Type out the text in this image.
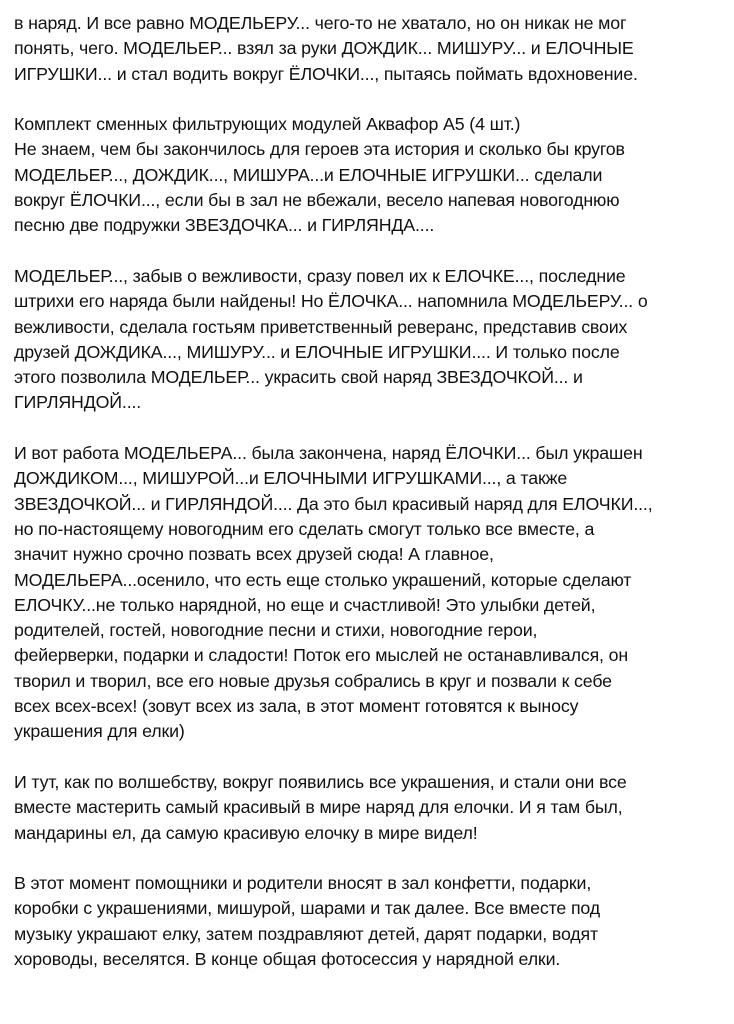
в наряд. И все равно МОДЕЛЬЕРУ... чего-то не хватало, но он никак не мог
понять, чего. МОДЕЛЬЕР... взял за руки ДОЖДИК... МИШУРУ... и ЕЛОЧНЫЕ
ИГРУШКИ... и стал водить вокруг ЁЛОЧКИ..., пытаясь поймать вдохновение.

Комплект сменных фильтрующих модулей Аквафор А5 (4 шт.)
Не знаем, чем бы закончилось для героев эта история и сколько бы кругов
МОДЕЛЬЕР..., ДОЖДИК..., МИШУРА...и ЕЛОЧНЫЕ ИГРУШКИ... сделали
вокруг ЁЛОЧКИ..., если бы в зал не вбежали, весело напевая новогоднюю
песню две подружки ЗВЕЗДОЧКА... и ГИРЛЯНДА....

МОДЕЛЬЕР..., забыв о вежливости, сразу повел их к ЕЛОЧКЕ..., последние
штрихи его наряда были найдены! Но ЁЛОЧКА... напомнила МОДЕЛЬЕРУ... о
вежливости, сделала гостьям приветственный реверанс, представив своих
друзей ДОЖДИКА..., МИШУРУ... и ЕЛОЧНЫЕ ИГРУШКИ.... И только после
этого позволила МОДЕЛЬЕР... украсить свой наряд ЗВЕЗДОЧКОЙ... и
ГИРЛЯНДОЙ....

И вот работа МОДЕЛЬЕРА... была закончена, наряд ЁЛОЧКИ... был украшен
ДОЖДИКОМ..., МИШУРОЙ...и ЕЛОЧНЫМИ ИГРУШКАМИ..., а также
ЗВЕЗДОЧКОЙ... и ГИРЛЯНДОЙ.... Да это был красивый наряд для ЕЛОЧКИ...,
но по-настоящему новогодним его сделать смогут только все вместе, а
значит нужно срочно позвать всех друзей сюда! А главное,
МОДЕЛЬЕРА...осенило, что есть еще столько украшений, которые сделают
ЕЛОЧКУ...не только нарядной, но еще и счастливой! Это улыбки детей,
родителей, гостей, новогодние песни и стихи, новогодние герои,
фейерверки, подарки и сладости! Поток его мыслей не останавливался, он
творил и творил, все его новые друзья собрались в круг и позвали к себе
всех всех-всех! (зовут всех из зала, в этот момент готовятся к выносу
украшения для елки)

И тут, как по волшебству, вокруг появились все украшения, и стали они все
вместе мастерить самый красивый в мире наряд для елочки. И я там был,
мандарины ел, да самую красивую елочку в мире видел!

В этот момент помощники и родители вносят в зал конфетти, подарки,
коробки с украшениями, мишурой, шарами и так далее. Все вместе под
музыку украшают елку, затем поздравляют детей, дарят подарки, водят
хороводы, веселятся. В конце общая фотосессия у нарядной елки.
